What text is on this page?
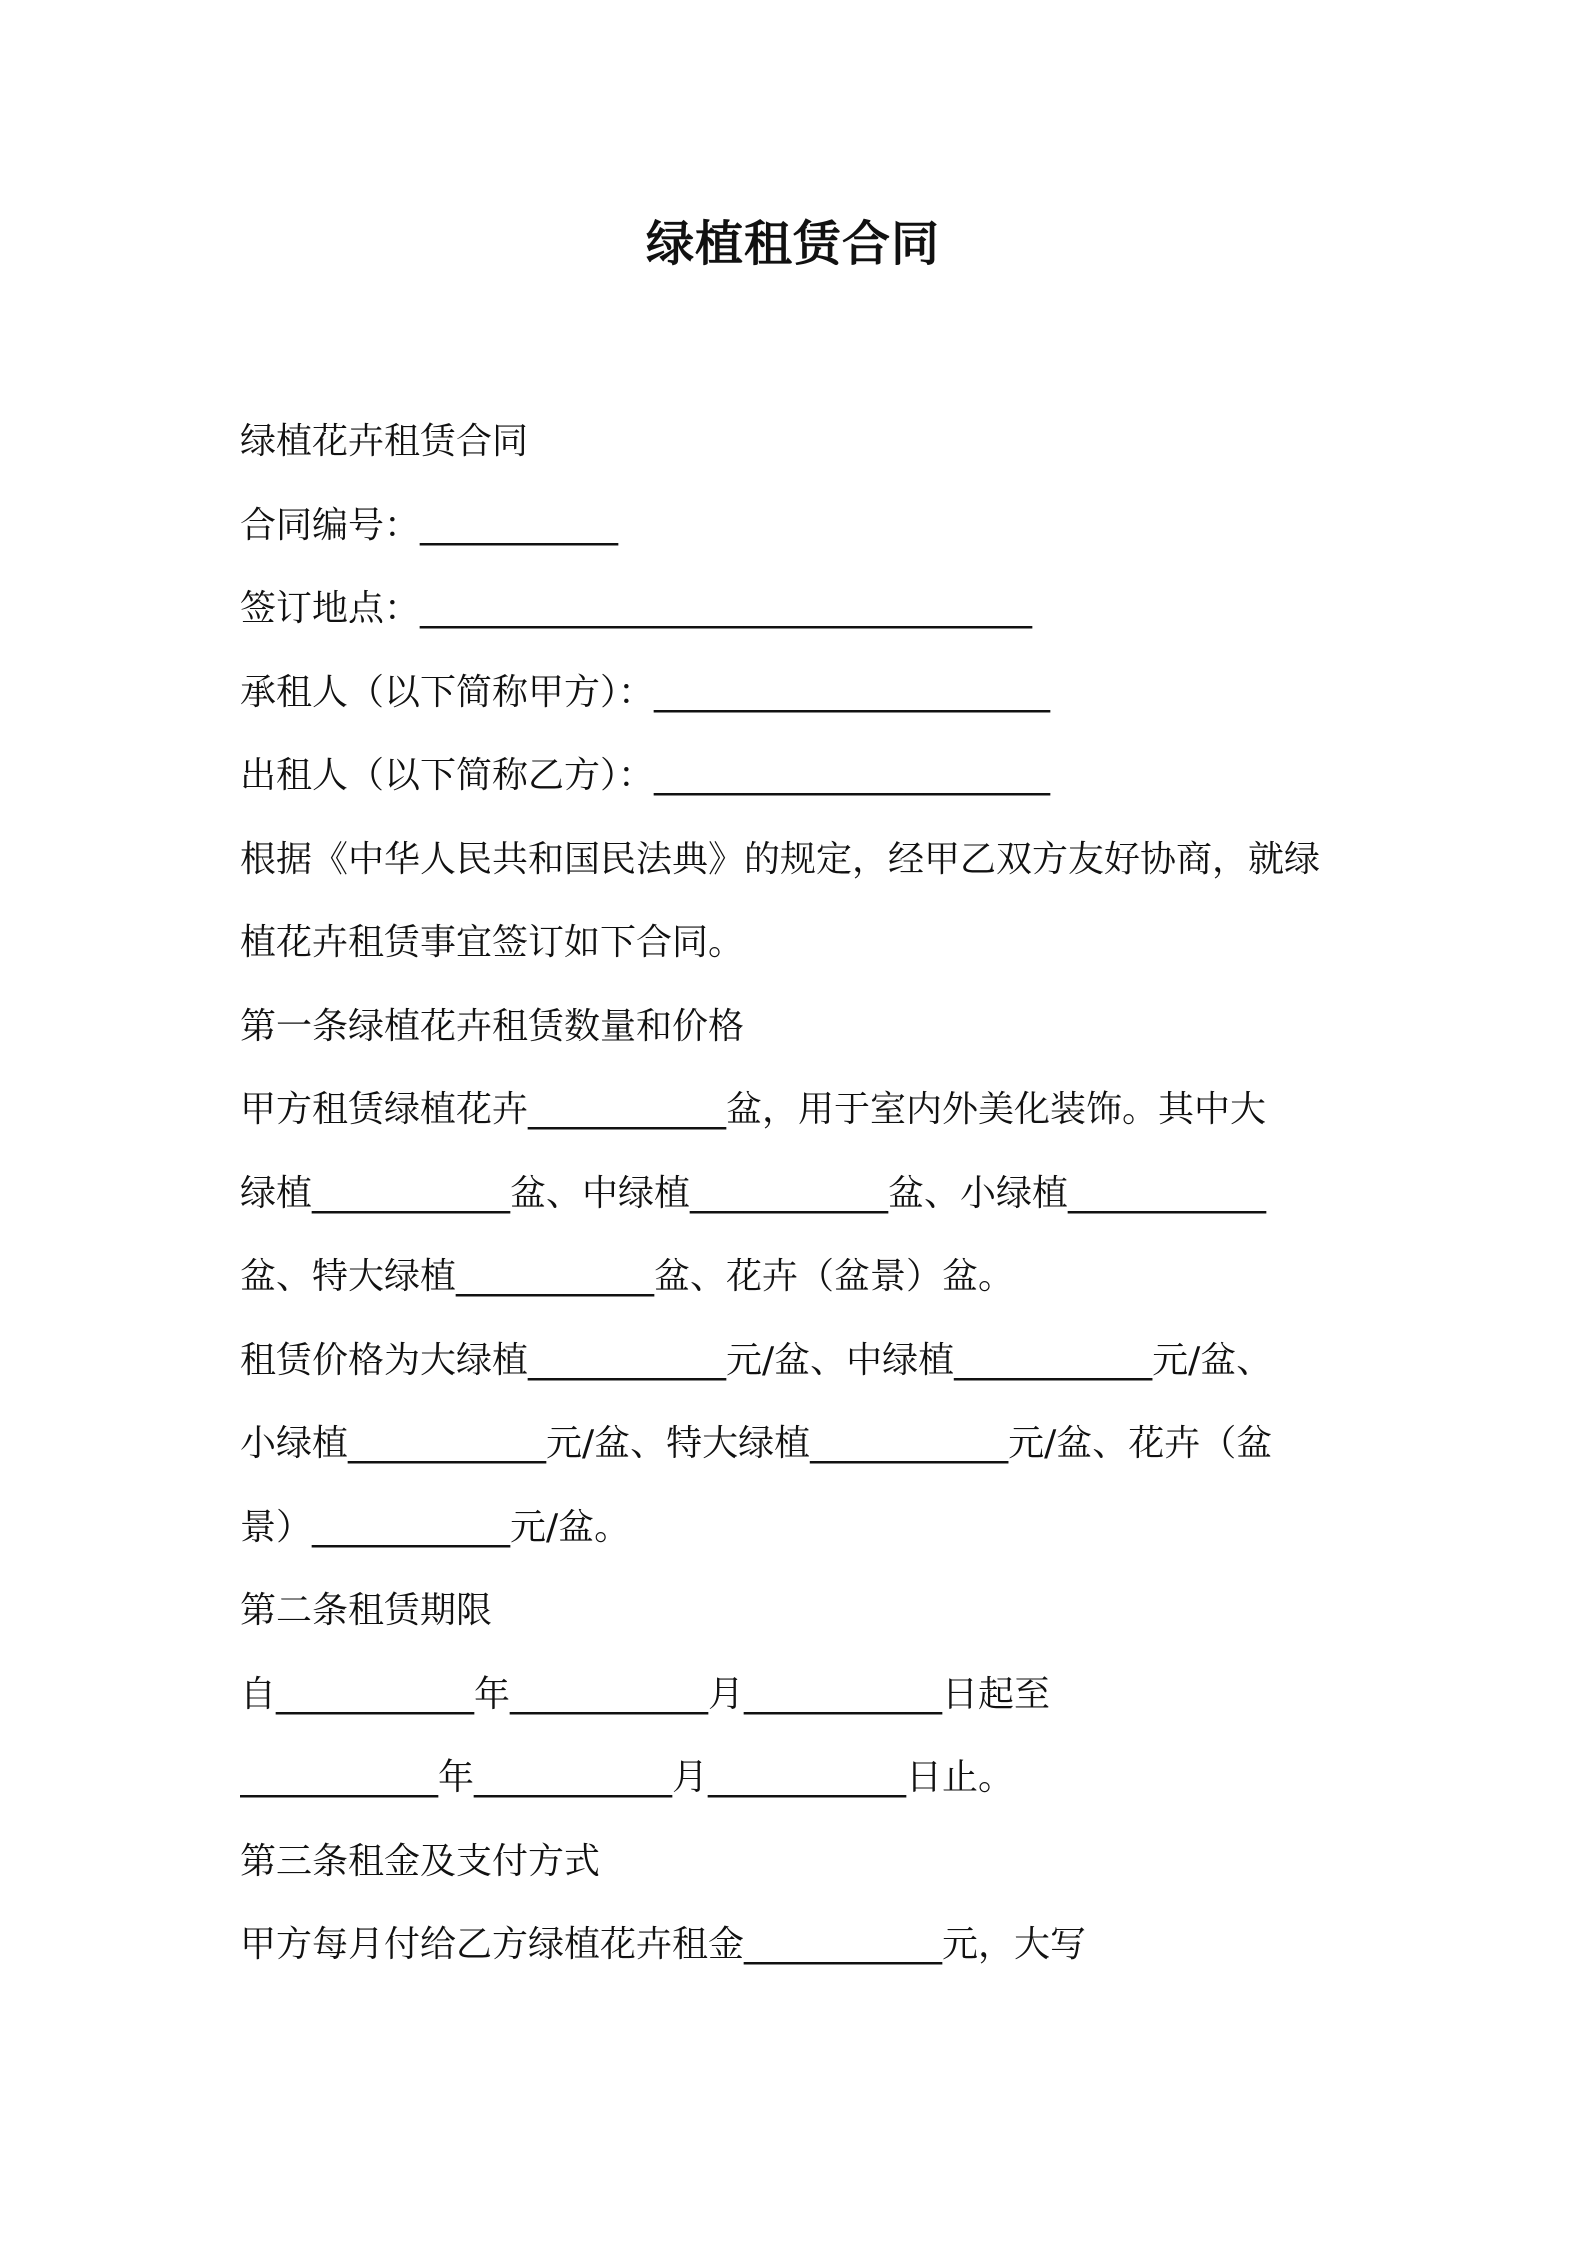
绿植租赁合同
绿植花卉租赁合同
合同编号：___________
签订地点：__________________________________
承租人（以下简称甲方）：______________________
出租人（以下简称乙方）：______________________
根据《中华人民共和国民法典》的规定，经甲乙双方友好协商，就绿
植花卉租赁事宜签订如下合同。
第一条绿植花卉租赁数量和价格
甲方租赁绿植花卉___________盆，用于室内外美化装饰。其中大
绿植___________盆、中绿植___________盆、小绿植___________
盆、特大绿植___________盆、花卉（盆景）盆。
租赁价格为大绿植___________元/盆、中绿植___________元/盆、
小绿植___________元/盆、特大绿植___________元/盆、花卉（盆
景）___________元/盆。
第二条租赁期限
自___________年___________月___________日起至
___________年___________月___________日止。
第三条租金及支付方式
甲方每月付给乙方绿植花卉租金___________元，大写
